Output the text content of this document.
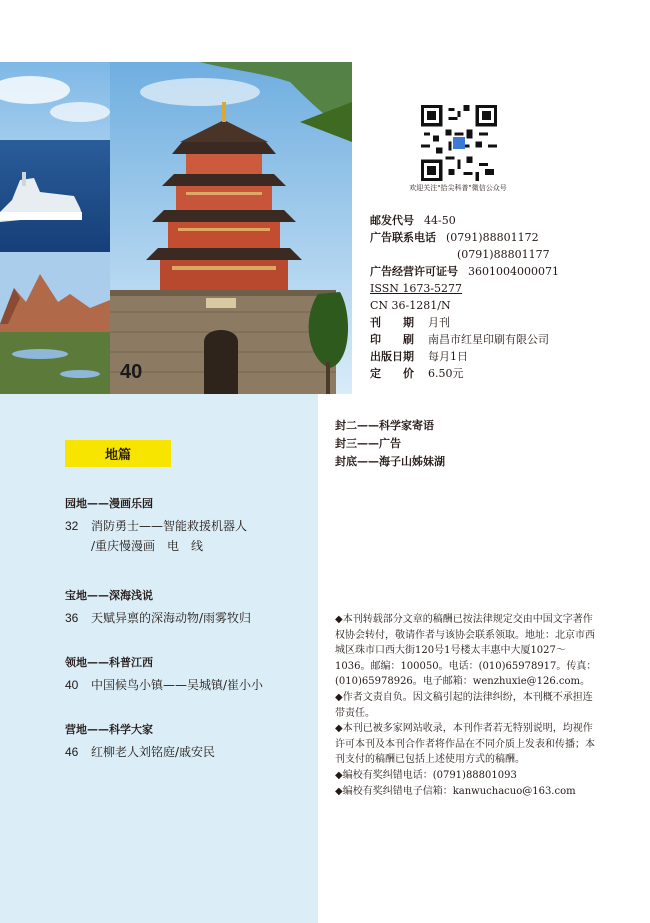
40
欢迎关注"拾尖科普"微信公众号
邮发代号 44-50
广告联系电话 (0791)88801172
(0791)88801177
广告经营许可证号 3601004000071
ISSN 1673-5277
CN 36-1281/N
刊　　期	月刊
印　　刷	南昌市红星印刷有限公司
出版日期	每月1日
定　　价	6.50元
封二——科学家寄语
封三——广告
封底——海子山姊妹湖
地篇
园地——漫画乐园
32 消防勇士——智能救援机器人
/重庆慢漫画　电　线
宝地——深海浅说
36 天赋异禀的深海动物/雨雾牧归
领地——科普江西
40 中国候鸟小镇——吴城镇/崔小小
营地——科学大家
46 红柳老人刘铭庭/戚安民

◆本刊转载部分文章的稿酬已按法律规定交由中国文字著作权协会转付，敬请作者与该协会联系领取。地址：北京市西城区珠市口西大街120号1号楼太丰惠中大厦1027～1036。邮编：100050。电话：(010)65978917。传真：(010)65978926。电子邮箱：wenzhuxie@126.com。

◆作者文责自负。因文稿引起的法律纠纷，本刊概不承担连带责任。

◆本刊已被多家网站收录，本刊作者若无特别说明，均视作许可本刊及本刊合作者将作品在不同介质上发表和传播；本刊支付的稿酬已包括上述使用方式的稿酬。

◆编校有奖纠错电话：(0791)88801093

◆编校有奖纠错电子信箱：kanwuchacuo@163.com
